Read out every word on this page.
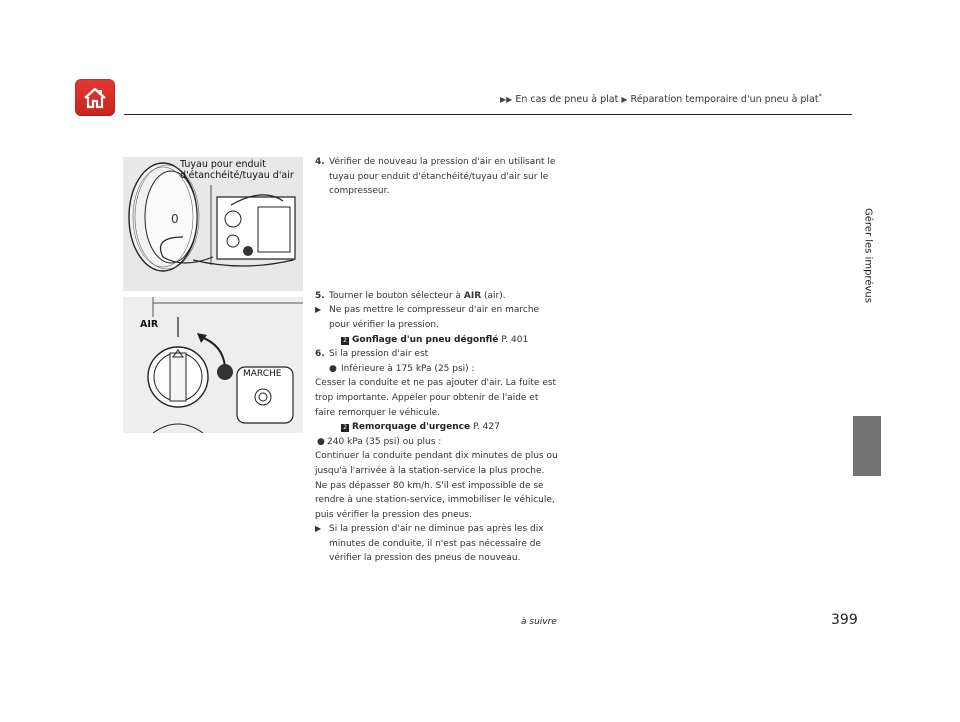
▶▶ En cas de pneu à plat ▶ Réparation temporaire d'un pneu à plat*
Gérer les imprévus
0
Tuyau pour enduit
d'étanchéité/tuyau d'air
AIR
MARCHE
4. Vérifier de nouveau la pression d'air en utilisant le tuyau pour enduit d'étanchéité/tuyau d'air sur le compresseur.
5. Tourner le bouton sélecteur à AIR (air).
▶ Ne pas mettre le compresseur d'air en marche pour vérifier la pression.
2 Gonflage d'un pneu dégonflé P. 401
6. Si la pression d'air est
● Inférieure à 175 kPa (25 psi) :
Cesser la conduite et ne pas ajouter d'air. La fuite est trop importante. Appeler pour obtenir de l'aide et faire remorquer le véhicule.
2 Remorquage d'urgence P. 427
● 240 kPa (35 psi) ou plus :
Continuer la conduite pendant dix minutes de plus ou jusqu'à l'arrivée à la station-service la plus proche. Ne pas dépasser 80 km/h. S'il est impossible de se rendre à une station-service, immobiliser le véhicule, puis vérifier la pression des pneus.
▶ Si la pression d'air ne diminue pas après les dix minutes de conduite, il n'est pas nécessaire de vérifier la pression des pneus de nouveau.
à suivre	399
